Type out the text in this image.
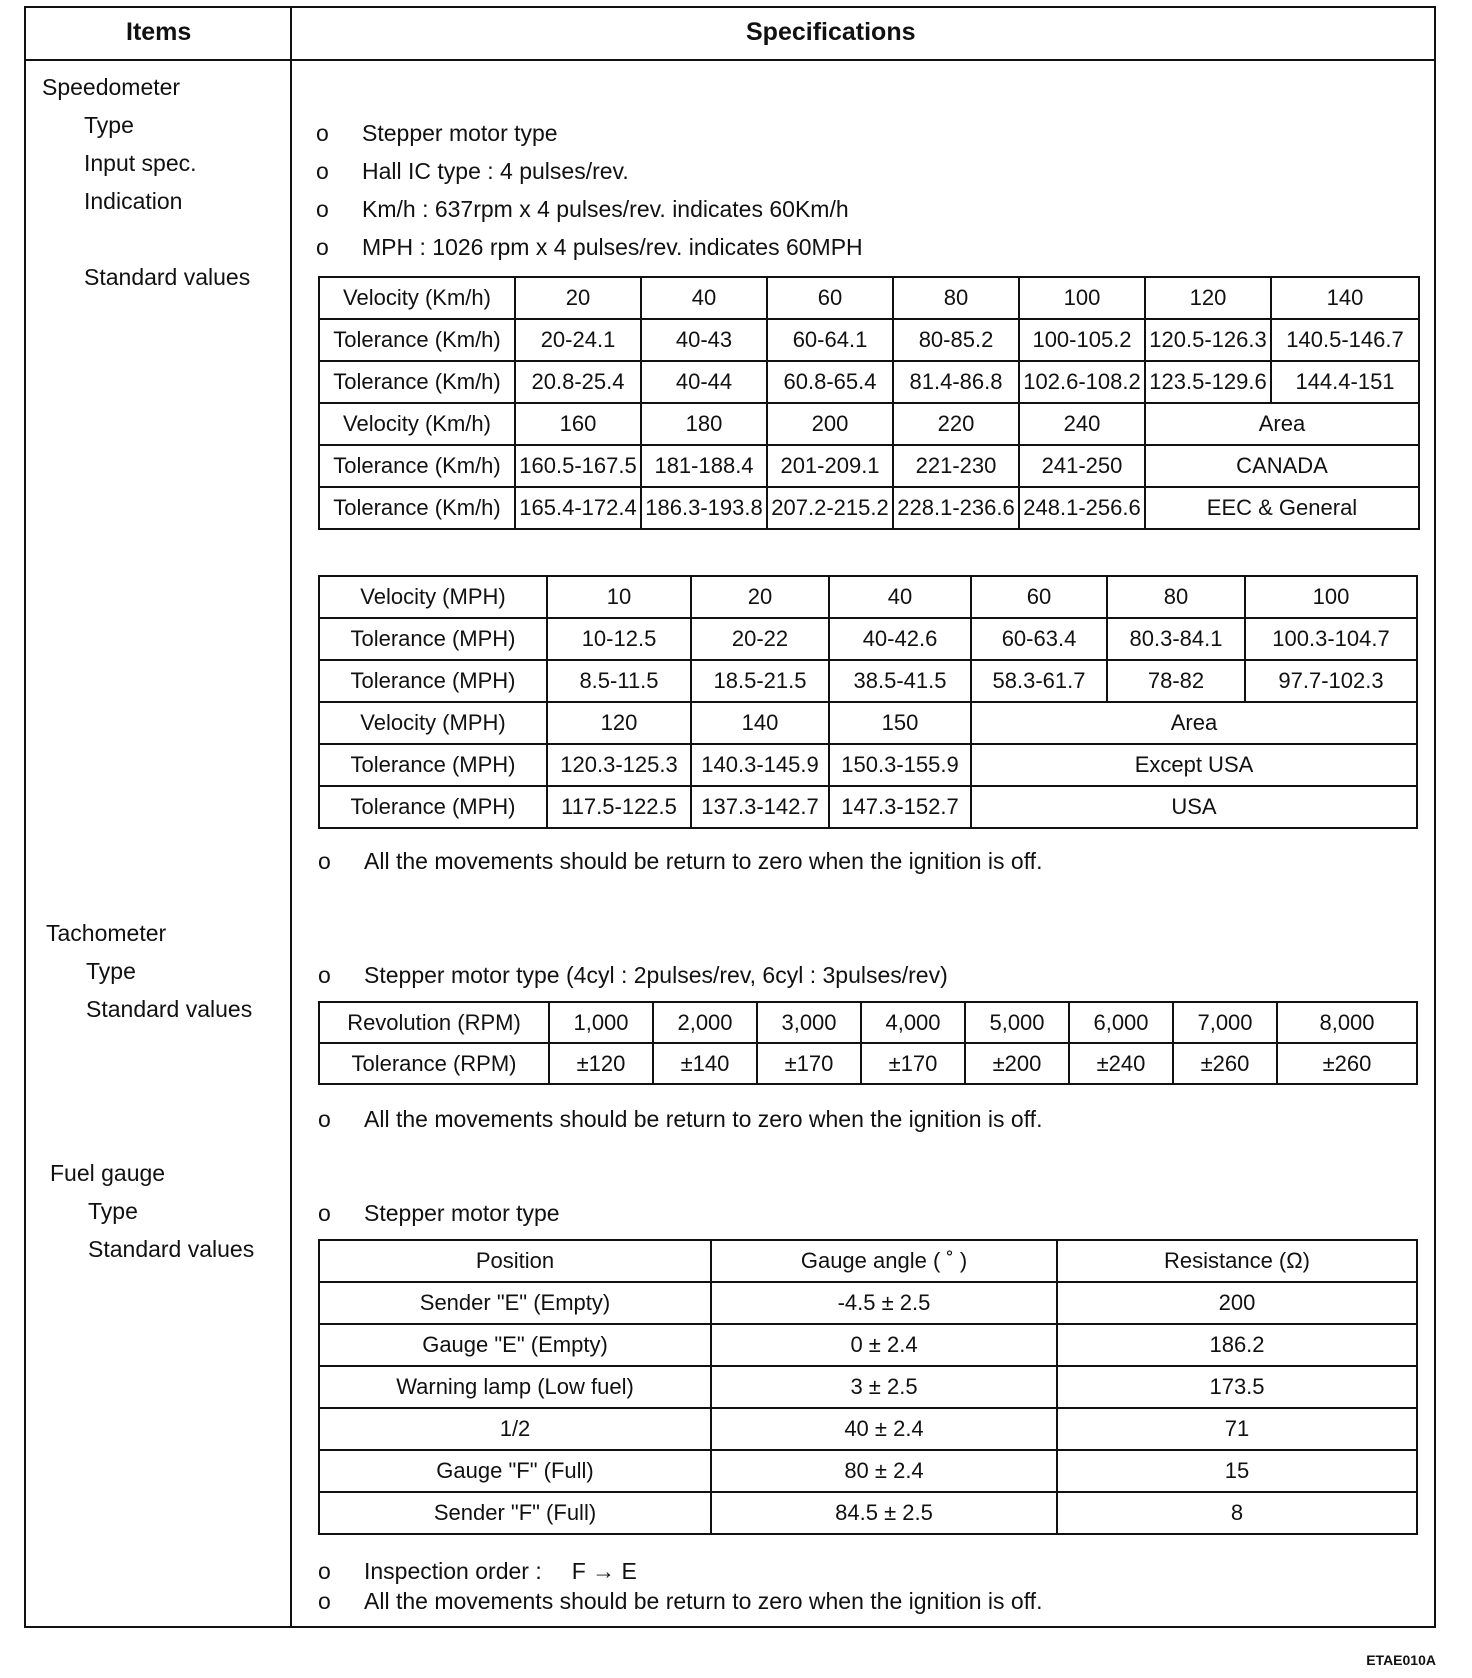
Items	Specifications
Speedometer
Type
Input spec.
Indication
Standard values
o Stepper motor type
o Hall IC type : 4 pulses/rev.
o Km/h : 637rpm x 4 pulses/rev. indicates 60Km/h
o MPH : 1026 rpm x 4 pulses/rev. indicates 60MPH
Velocity (Km/h)	20	40	60	80	100	120	140
Tolerance (Km/h)	20-24.1	40-43	60-64.1	80-85.2	100-105.2	120.5-126.3	140.5-146.7
Tolerance (Km/h)	20.8-25.4	40-44	60.8-65.4	81.4-86.8	102.6-108.2	123.5-129.6	144.4-151
Velocity (Km/h)	160	180	200	220	240	Area	
Tolerance (Km/h)	160.5-167.5	181-188.4	201-209.1	221-230	241-250	CANADA	
Tolerance (Km/h)	165.4-172.4	186.3-193.8	207.2-215.2	228.1-236.6	248.1-256.6	EEC & General	
Velocity (MPH)	10	20	40	60	80	100
Tolerance (MPH)	10-12.5	20-22	40-42.6	60-63.4	80.3-84.1	100.3-104.7
Tolerance (MPH)	8.5-11.5	18.5-21.5	38.5-41.5	58.3-61.7	78-82	97.7-102.3
Velocity (MPH)	120	140	150	Area		
Tolerance (MPH)	120.3-125.3	140.3-145.9	150.3-155.9	Except USA		
Tolerance (MPH)	117.5-122.5	137.3-142.7	147.3-152.7	USA		
o All the movements should be return to zero when the ignition is off.
Tachometer
Type
Standard values
o Stepper motor type (4cyl : 2pulses/rev, 6cyl : 3pulses/rev)
Revolution (RPM)	1,000	2,000	3,000	4,000	5,000	6,000	7,000	8,000
Tolerance (RPM)	±120	±140	±170	±170	±200	±240	±260	±260
o All the movements should be return to zero when the ignition is off.
Fuel gauge
Type
Standard values
o Stepper motor type
Position	Gauge angle ( ˚ )	Resistance (Ω)
Sender "E" (Empty)	-4.5 ± 2.5	200
Gauge "E" (Empty)	0 ± 2.4	186.2
Warning lamp (Low fuel)	3 ± 2.5	173.5
1/2	40 ± 2.4	71
Gauge "F" (Full)	80 ± 2.4	15
Sender "F" (Full)	84.5 ± 2.5	8
o Inspection order : F → E
o All the movements should be return to zero when the ignition is off.
ETAE010A
